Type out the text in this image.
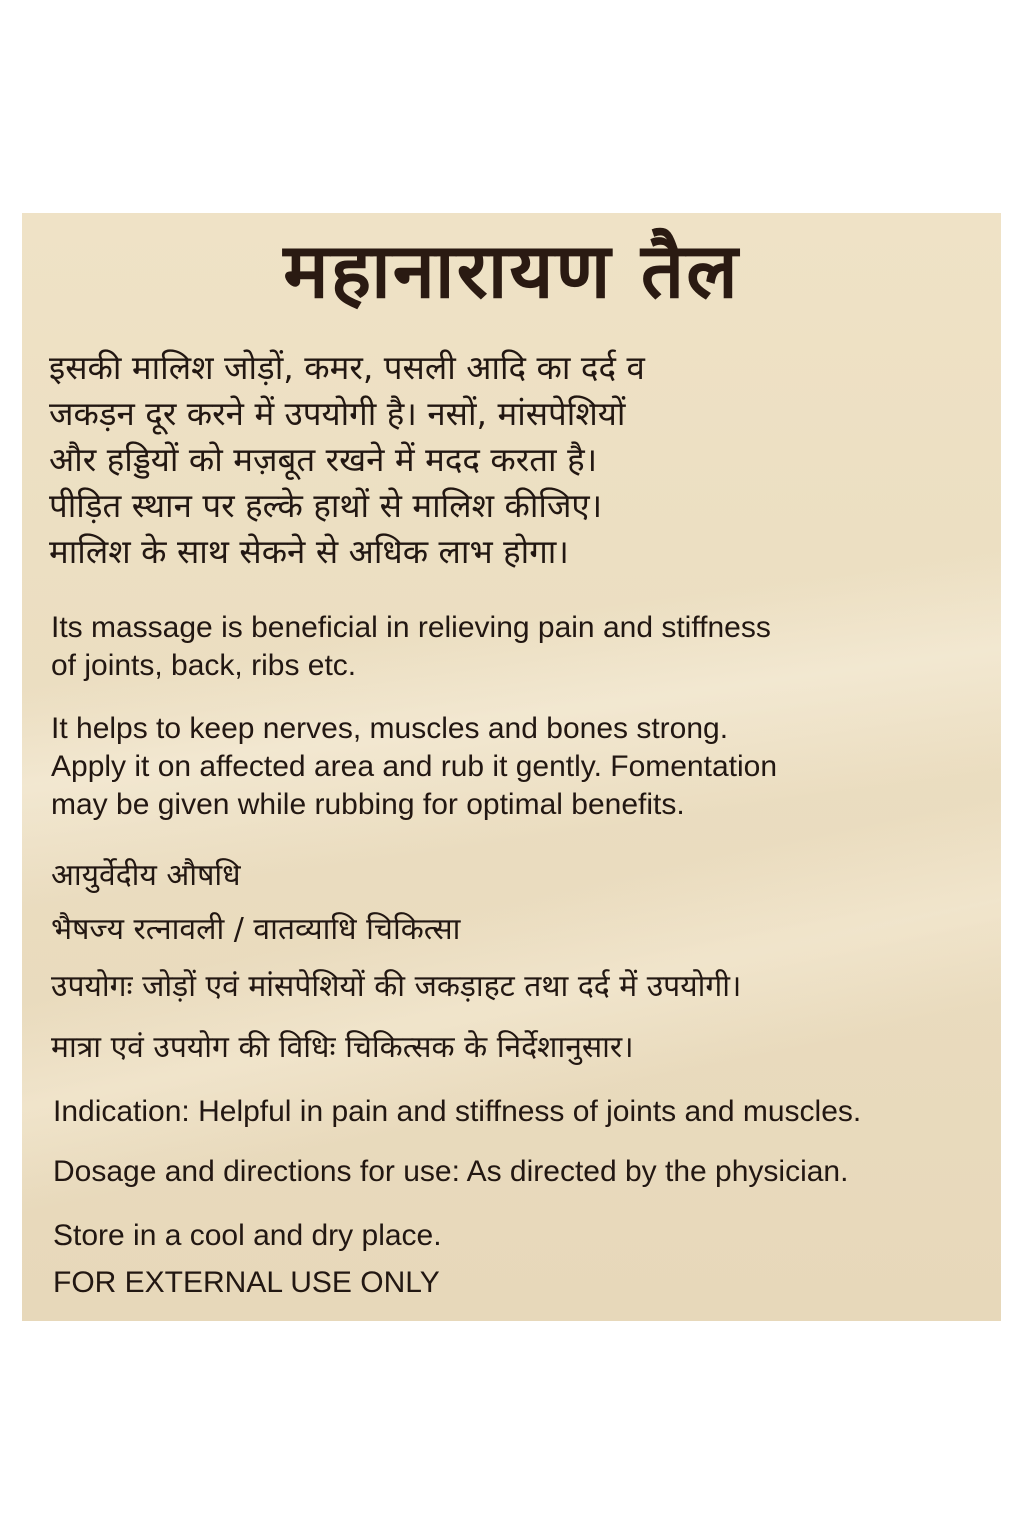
महानारायण तैल

इसकी मालिश जोड़ों, कमर, पसली आदि का दर्द व
जकड़न दूर करने में उपयोगी है। नसों, मांसपेशियों
और हड्डियों को मज़बूत रखने में मदद करता है।
पीड़ित स्थान पर हल्के हाथों से मालिश कीजिए।
मालिश के साथ सेकने से अधिक लाभ होगा।

Its massage is beneficial in relieving pain and stiffness
of joints, back, ribs etc.

It helps to keep nerves, muscles and bones strong.
Apply it on affected area and rub it gently. Fomentation
may be given while rubbing for optimal benefits.

आयुर्वेदीय औषधि

भैषज्य रत्नावली / वातव्याधि चिकित्सा

उपयोगः जोड़ों एवं मांसपेशियों की जकड़ाहट तथा दर्द में उपयोगी।

मात्रा एवं उपयोग की विधिः चिकित्सक के निर्देशानुसार।

Indication: Helpful in pain and stiffness of joints and muscles.

Dosage and directions for use: As directed by the physician.

Store in a cool and dry place.

FOR EXTERNAL USE ONLY
